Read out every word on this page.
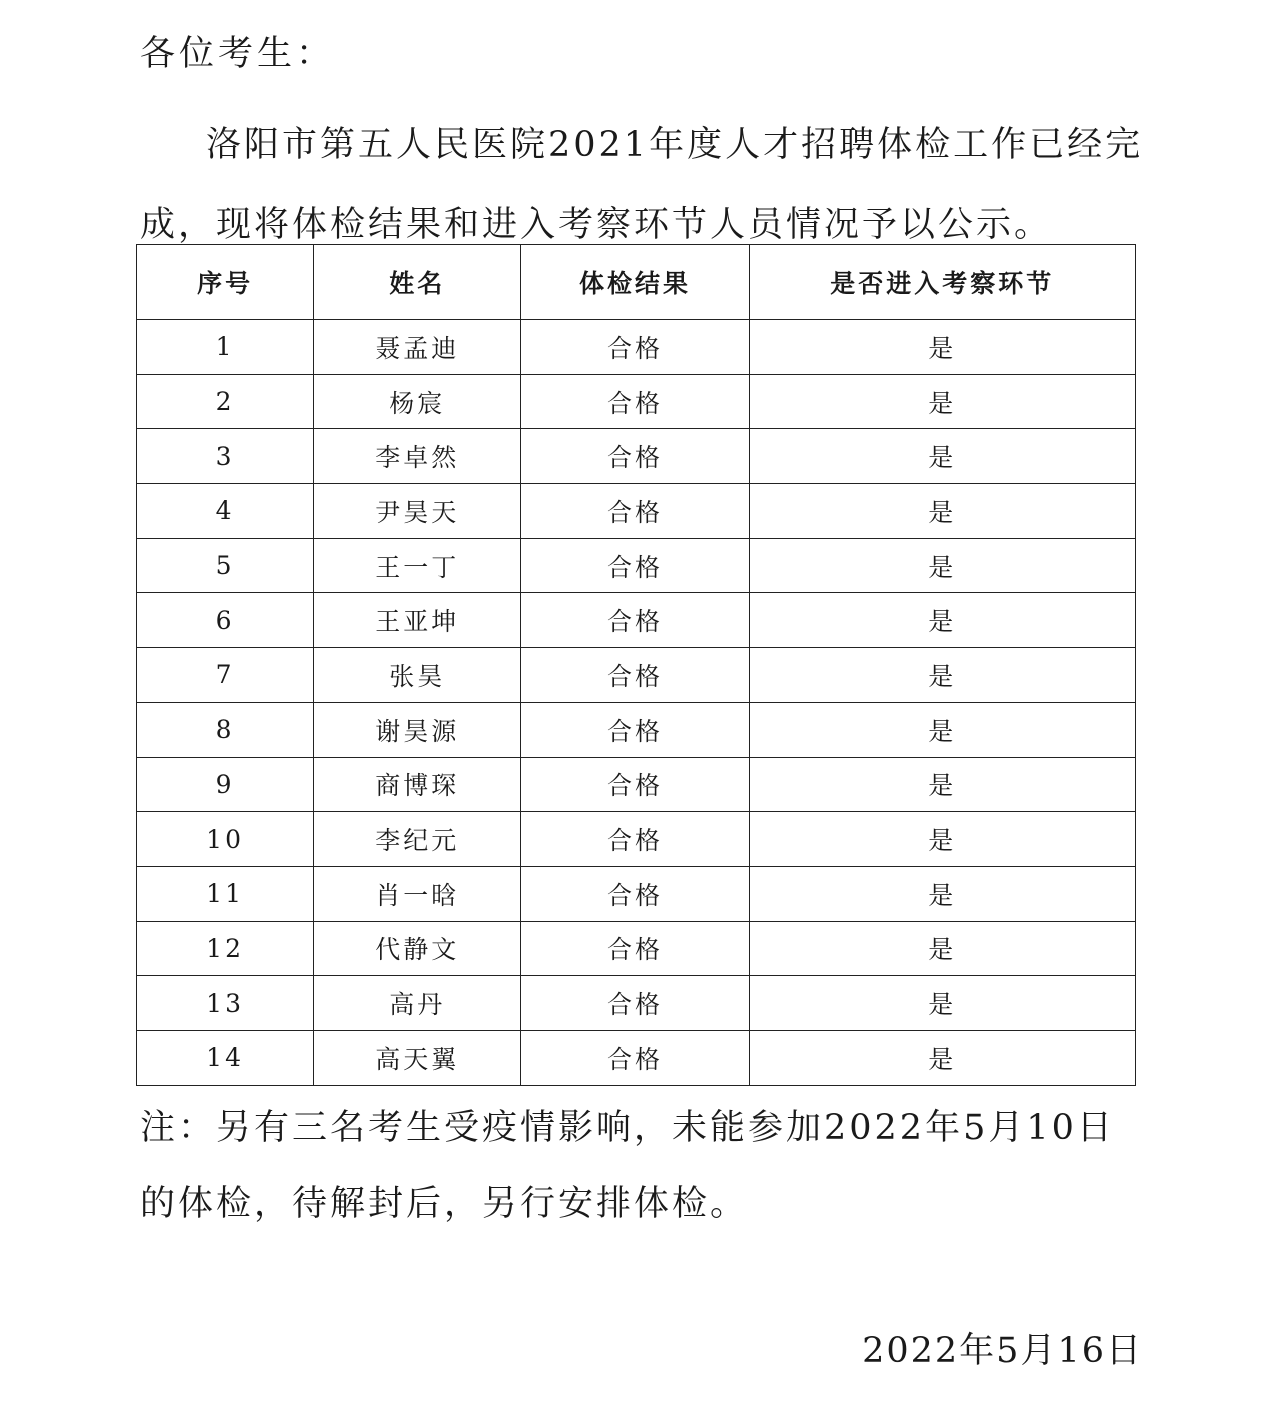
各位考生：
洛阳市第五人民医院2021年度人才招聘体检工作已经完成，现将体检结果和进入考察环节人员情况予以公示。
序号	姓名	体检结果	是否进入考察环节
1	聂孟迪	合格	是
2	杨宸	合格	是
3	李卓然	合格	是
4	尹昊天	合格	是
5	王一丁	合格	是
6	王亚坤	合格	是
7	张昊	合格	是
8	谢昊源	合格	是
9	商博琛	合格	是
10	李纪元	合格	是
11	肖一晗	合格	是
12	代静文	合格	是
13	高丹	合格	是
14	高天翼	合格	是
注：另有三名考生受疫情影响，未能参加2022年5月10日的体检，待解封后，另行安排体检。
2022年5月16日
